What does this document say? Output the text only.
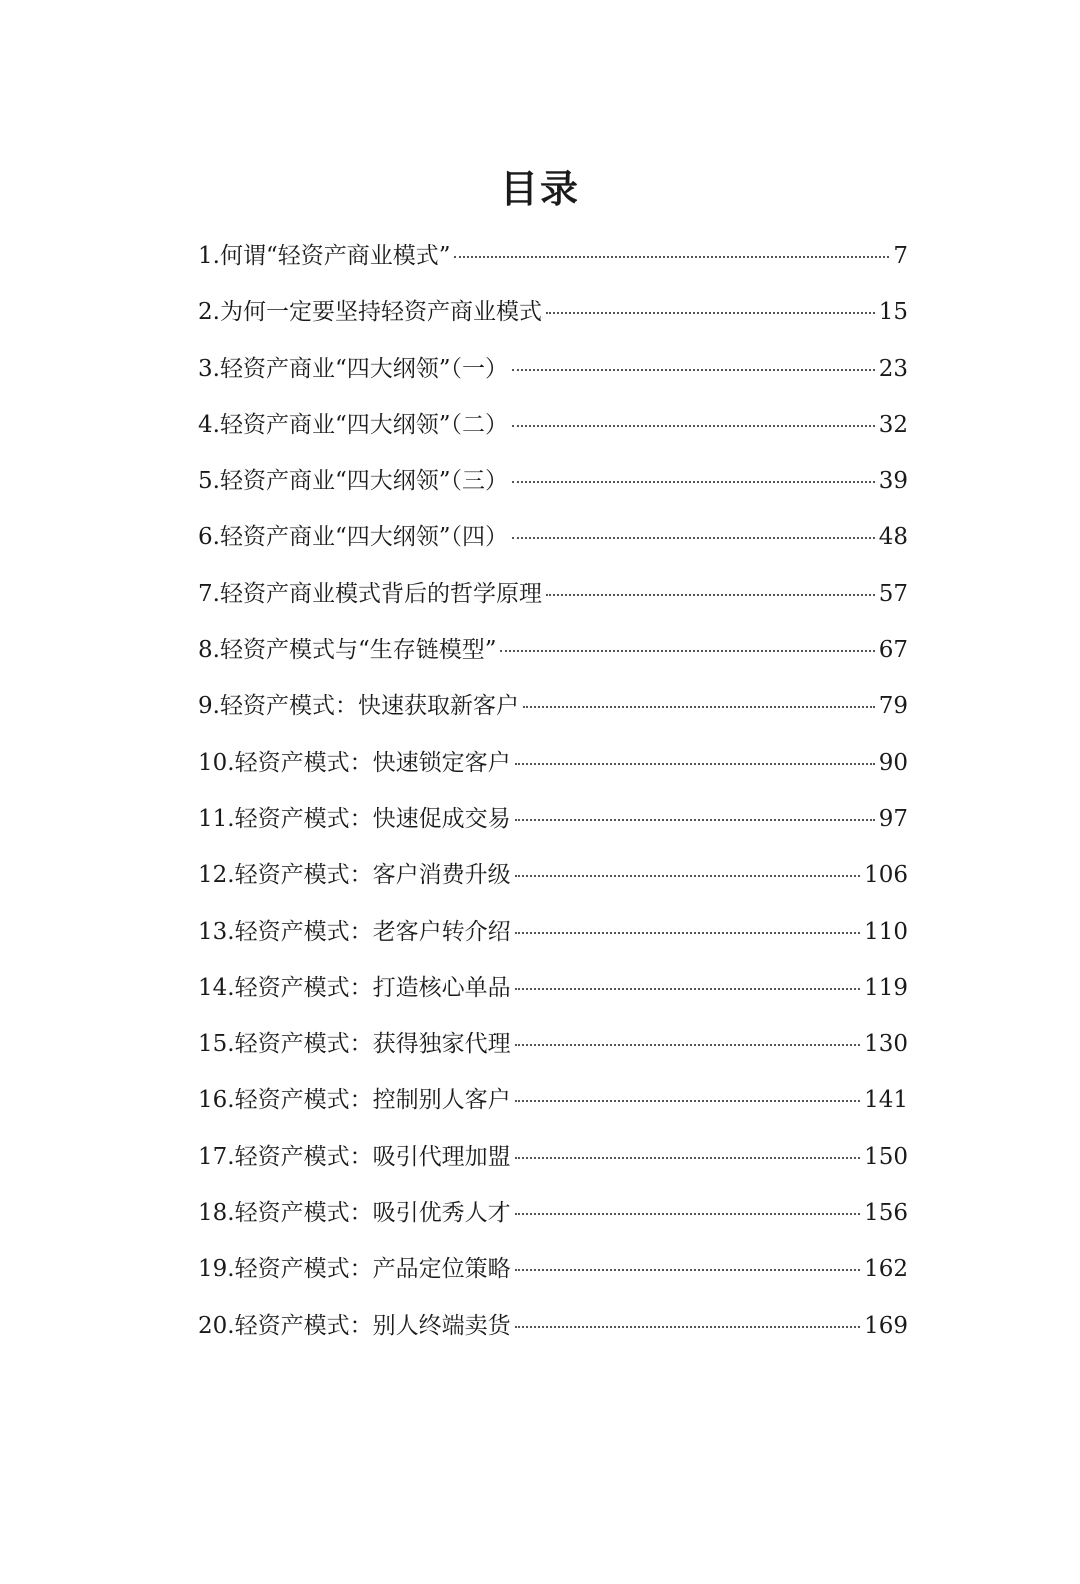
目录
1.何谓“轻资产商业模式”	7
2.为何一定要坚持轻资产商业模式	15
3.轻资产商业“四大纲领”（一）	23
4.轻资产商业“四大纲领”（二）	32
5.轻资产商业“四大纲领”（三）	39
6.轻资产商业“四大纲领”（四）	48
7.轻资产商业模式背后的哲学原理	57
8.轻资产模式与“生存链模型”	67
9.轻资产模式：快速获取新客户	79
10.轻资产模式：快速锁定客户	90
11.轻资产模式：快速促成交易	97
12.轻资产模式：客户消费升级	106
13.轻资产模式：老客户转介绍	110
14.轻资产模式：打造核心单品	119
15.轻资产模式：获得独家代理	130
16.轻资产模式：控制别人客户	141
17.轻资产模式：吸引代理加盟	150
18.轻资产模式：吸引优秀人才	156
19.轻资产模式：产品定位策略	162
20.轻资产模式：别人终端卖货	169
